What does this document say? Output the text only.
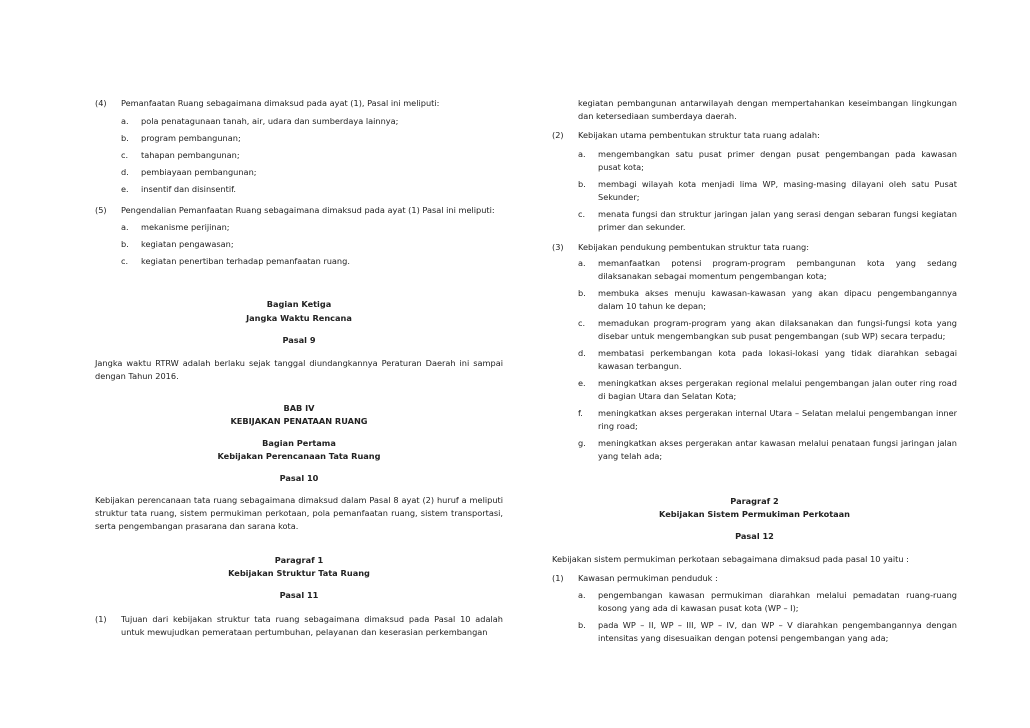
(4)	Pemanfaatan Ruang sebagaimana dimaksud pada ayat (1), Pasal ini meliputi:
a.	pola penatagunaan tanah, air, udara dan sumberdaya lainnya;
b.	program pembangunan;
c.	tahapan pembangunan;
d.	pembiayaan pembangunan;
e.	insentif dan disinsentif.
(5)	Pengendalian Pemanfaatan Ruang sebagaimana dimaksud pada ayat (1) Pasal ini meliputi:
a.	mekanisme perijinan;
b.	kegiatan pengawasan;
c.	kegiatan penertiban terhadap pemanfaatan ruang.
Bagian Ketiga
Jangka Waktu Rencana
Pasal 9
Jangka waktu RTRW adalah berlaku sejak tanggal diundangkannya Peraturan Daerah ini sampai dengan Tahun 2016.
BAB IV
KEBIJAKAN PENATAAN RUANG
Bagian Pertama
Kebijakan Perencanaan Tata Ruang
Pasal 10
Kebijakan perencanaan tata ruang sebagaimana dimaksud dalam Pasal 8 ayat (2) huruf a meliputi struktur tata ruang, sistem permukiman perkotaan, pola pemanfaatan ruang, sistem transportasi, serta pengembangan prasarana dan sarana kota.
Paragraf 1
Kebijakan Struktur Tata Ruang
Pasal 11
(1)	Tujuan dari kebijakan struktur tata ruang sebagaimana dimaksud pada Pasal 10 adalah untuk mewujudkan pemerataan pertumbuhan, pelayanan dan keserasian perkembangan
kegiatan pembangunan antarwilayah dengan mempertahankan keseimbangan lingkungan dan ketersediaan sumberdaya daerah.
(2)	Kebijakan utama pembentukan struktur tata ruang adalah:
a.	mengembangkan satu pusat primer dengan pusat pengembangan pada kawasan pusat kota;
b.	membagi wilayah kota menjadi lima WP, masing-masing dilayani oleh satu Pusat Sekunder;
c.	menata fungsi dan struktur jaringan jalan yang serasi dengan sebaran fungsi kegiatan primer dan sekunder.
(3)	Kebijakan pendukung pembentukan struktur tata ruang:
a.	memanfaatkan potensi program-program pembangunan kota yang sedang dilaksanakan sebagai momentum pengembangan kota;
b.	membuka akses menuju kawasan-kawasan yang akan dipacu pengembangannya dalam 10 tahun ke depan;
c.	memadukan program-program yang akan dilaksanakan dan fungsi-fungsi kota yang disebar untuk mengembangkan sub pusat pengembangan (sub WP) secara terpadu;
d.	membatasi perkembangan kota pada lokasi-lokasi yang tidak diarahkan sebagai kawasan terbangun.
e.	meningkatkan akses pergerakan regional melalui pengembangan jalan outer ring road di bagian Utara dan Selatan Kota;
f.	meningkatkan akses pergerakan internal Utara – Selatan melalui pengembangan inner ring road;
g.	meningkatkan akses pergerakan antar kawasan melalui penataan fungsi jaringan jalan yang telah ada;
Paragraf 2
Kebijakan Sistem Permukiman Perkotaan
Pasal 12
Kebijakan sistem permukiman perkotaan sebagaimana dimaksud pada pasal 10 yaitu :
(1)	Kawasan permukiman penduduk :
a.	pengembangan kawasan permukiman diarahkan melalui pemadatan ruang-ruang kosong yang ada di kawasan pusat kota (WP – I);
b.	pada WP – II, WP – III, WP – IV, dan WP – V diarahkan pengembangannya dengan intensitas yang disesuaikan dengan potensi pengembangan yang ada;
